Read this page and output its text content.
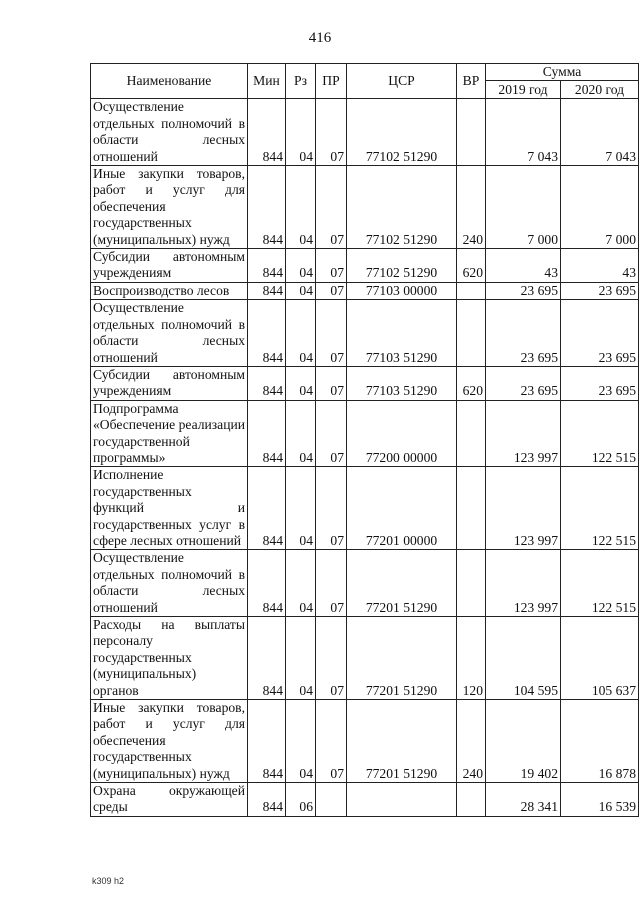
416
Наименование	Мин	Рз	ПР	ЦСР	ВР	Сумма	
						2019 год	2020 год
Осуществление отдельных полномочий в области лесных отношений	844	04	07	77102 51290		7 043	7 043
Иные закупки товаров, работ и услуг для обеспечения государственных (муниципальных) нужд	844	04	07	77102 51290	240	7 000	7 000
Субсидии автономным учреждениям	844	04	07	77102 51290	620	43	43
Воспроизводство лесов	844	04	07	77103 00000		23 695	23 695
Осуществление отдельных полномочий в области лесных отношений	844	04	07	77103 51290		23 695	23 695
Субсидии автономным учреждениям	844	04	07	77103 51290	620	23 695	23 695
Подпрограмма «Обеспечение реализации государственной программы»	844	04	07	77200 00000		123 997	122 515
Исполнение государственных функций и государственных услуг в сфере лесных отношений	844	04	07	77201 00000		123 997	122 515
Осуществление отдельных полномочий в области лесных отношений	844	04	07	77201 51290		123 997	122 515
Расходы на выплаты персоналу государственных (муниципальных) органов	844	04	07	77201 51290	120	104 595	105 637
Иные закупки товаров, работ и услуг для обеспечения государственных (муниципальных) нужд	844	04	07	77201 51290	240	19 402	16 878
Охрана окружающей среды	844	06				28 341	16 539
k309 h2
